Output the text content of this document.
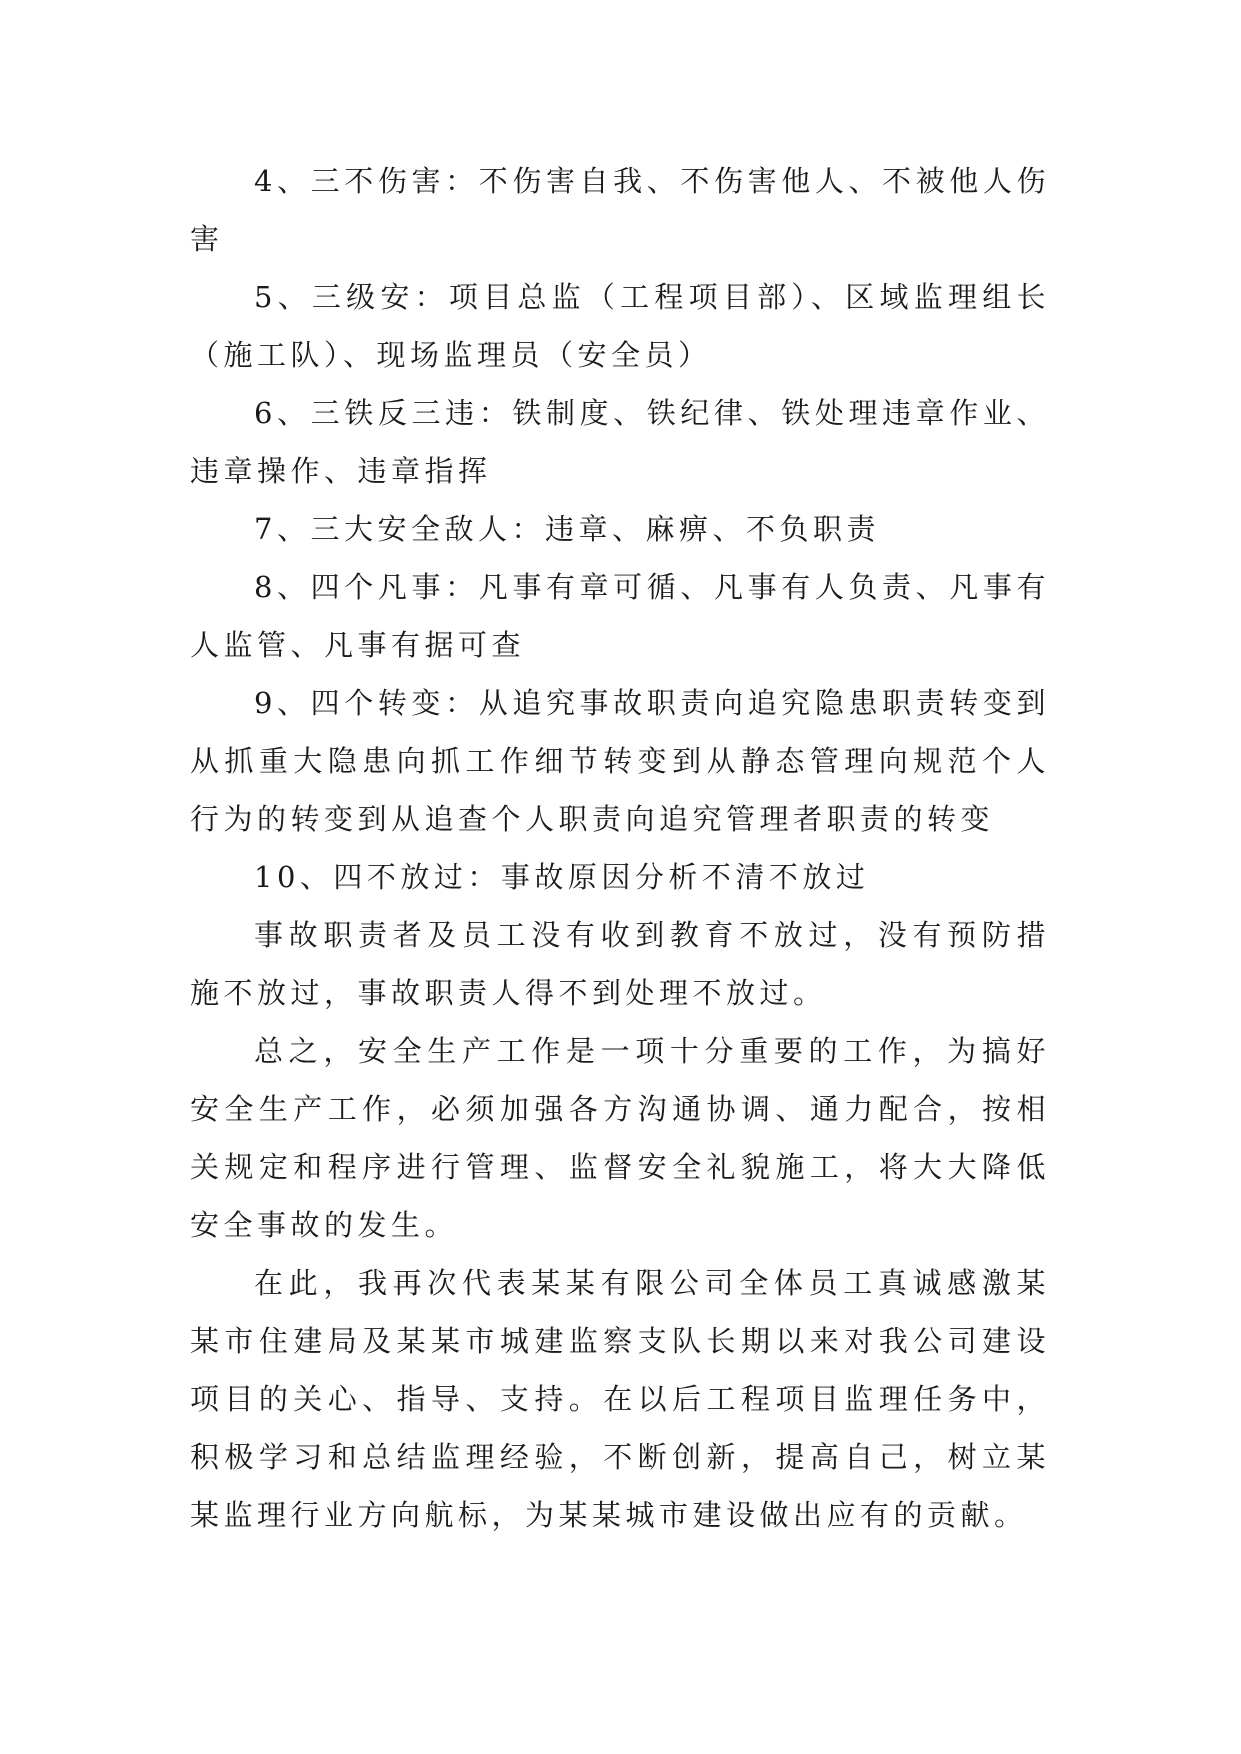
4、三不伤害：不伤害自我、不伤害他人、不被他人伤害

5、三级安：项目总监（工程项目部）、区域监理组长（施工队）、现场监理员（安全员）

6、三铁反三违：铁制度、铁纪律、铁处理违章作业、违章操作、违章指挥

7、三大安全敌人：违章、麻痹、不负职责

8、四个凡事：凡事有章可循、凡事有人负责、凡事有人监管、凡事有据可查

9、四个转变：从追究事故职责向追究隐患职责转变到从抓重大隐患向抓工作细节转变到从静态管理向规范个人行为的转变到从追查个人职责向追究管理者职责的转变

10、四不放过：事故原因分析不清不放过

事故职责者及员工没有收到教育不放过，没有预防措施不放过，事故职责人得不到处理不放过。

总之，安全生产工作是一项十分重要的工作，为搞好安全生产工作，必须加强各方沟通协调、通力配合，按相关规定和程序进行管理、监督安全礼貌施工，将大大降低安全事故的发生。

在此，我再次代表某某有限公司全体员工真诚感激某某市住建局及某某市城建监察支队长期以来对我公司建设项目的关心、指导、支持。在以后工程项目监理任务中，积极学习和总结监理经验，不断创新，提高自己，树立某某监理行业方向航标，为某某城市建设做出应有的贡献。
